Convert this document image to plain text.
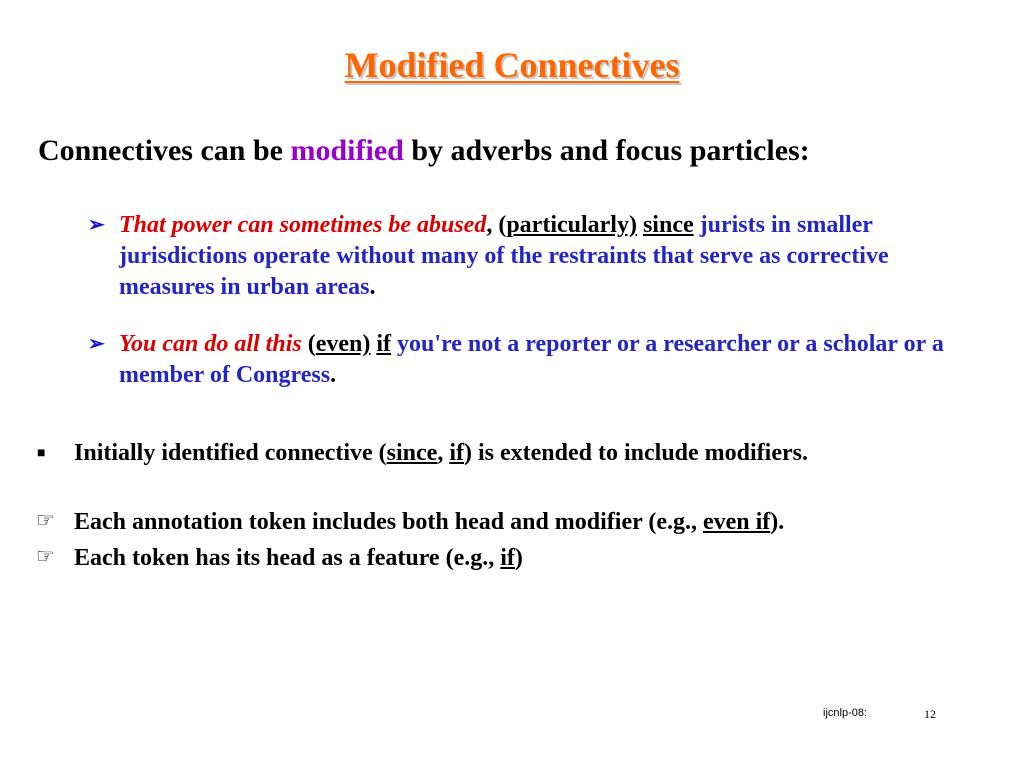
Modified Connectives
Connectives can be modified by adverbs and focus particles:
➢ That power can sometimes be abused, (particularly) since jurists in smaller jurisdictions operate without many of the restraints that serve as corrective measures in urban areas.
➢ You can do all this (even) if you're not a reporter or a researcher or a scholar or a member of Congress.
■ Initially identified connective (since, if) is extended to include modifiers.
☞ Each annotation token includes both head and modifier (e.g., even if).
☞ Each token has its head as a feature (e.g., if)
ijcnlp-08:	12
